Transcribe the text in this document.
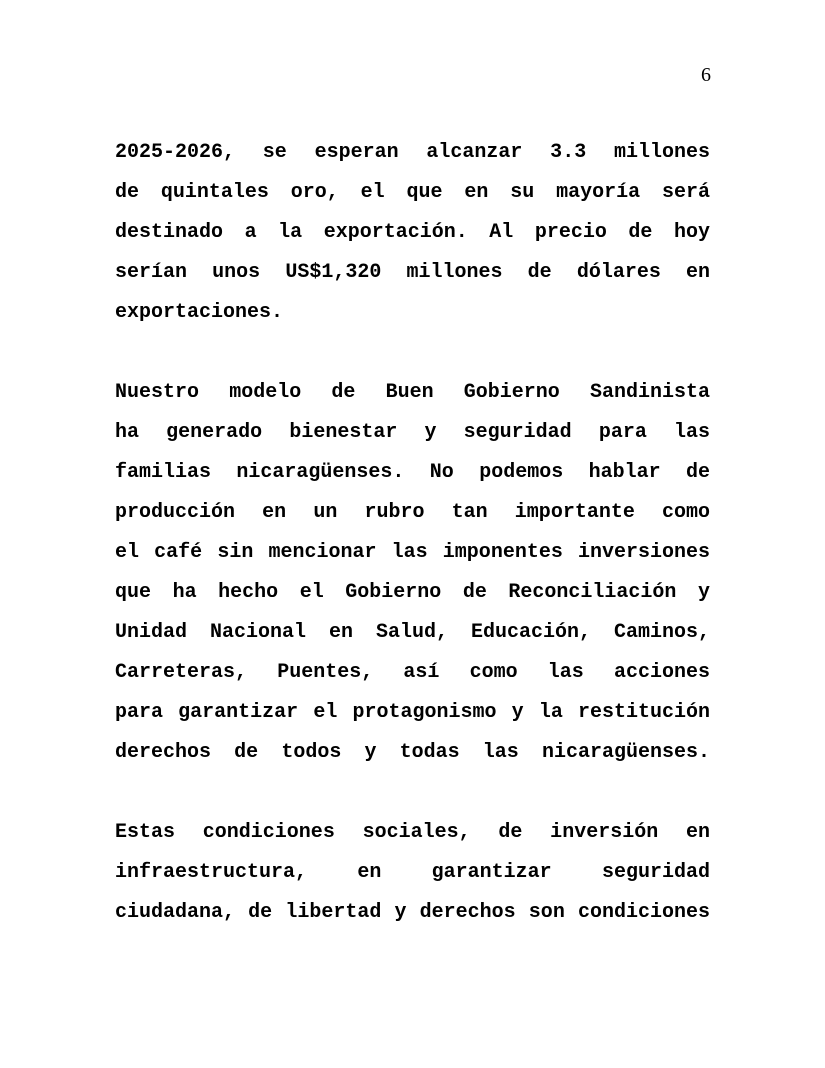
6
2025-2026, se esperan alcanzar 3.3 millones
de quintales oro, el que en su mayoría será
destinado a la exportación. Al precio de hoy
serían unos US$1,320 millones de dólares en
exportaciones.
Nuestro modelo de Buen Gobierno Sandinista
ha generado bienestar y seguridad para las
familias nicaragüenses. No podemos hablar de
producción en un rubro tan importante como
el café sin mencionar las imponentes inversiones
que ha hecho el Gobierno de Reconciliación y
Unidad Nacional en Salud, Educación, Caminos,
Carreteras, Puentes, así como las acciones
para garantizar el protagonismo y la restitución
derechos de todos y todas las nicaragüenses.
Estas condiciones sociales, de inversión en
infraestructura, en garantizar seguridad
ciudadana, de libertad y derechos son condiciones
